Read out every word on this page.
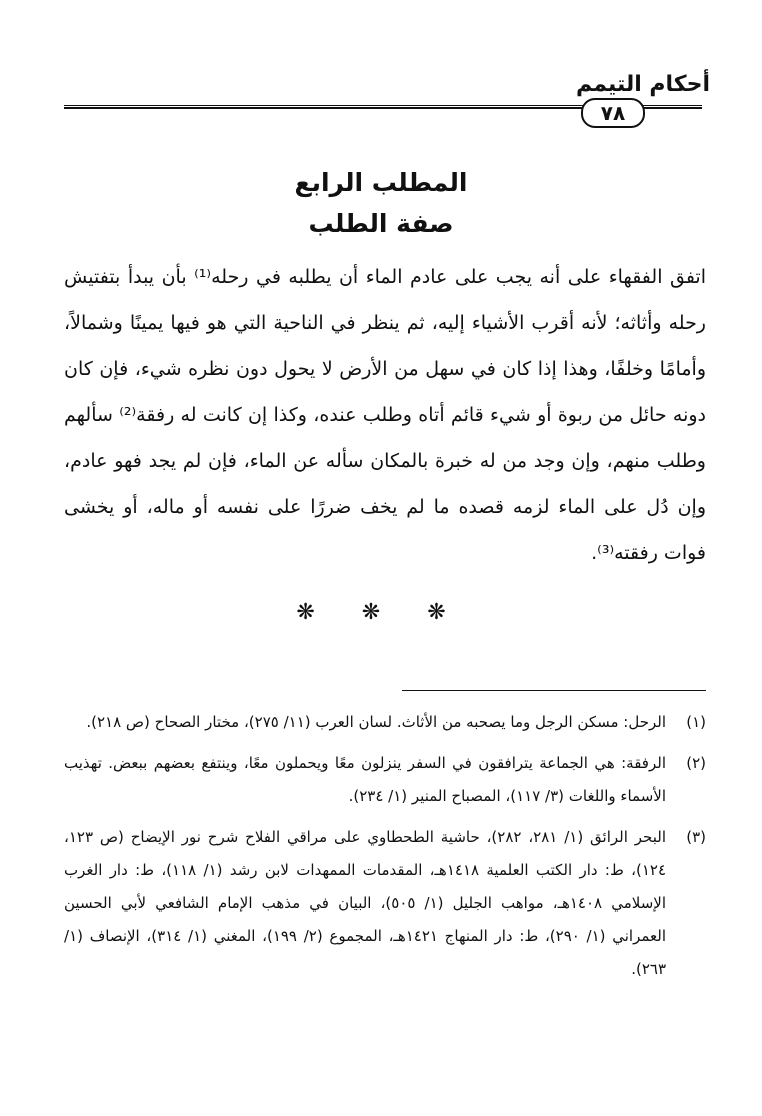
أحكام التيمم
٧٨
المطلب الرابع
صفة الطلب

اتفق الفقهاء على أنه يجب على عادم الماء أن يطلبه في رحله⁽¹⁾ بأن يبدأ بتفتيش رحله وأثاثه؛ لأنه أقرب الأشياء إليه، ثم ينظر في الناحية التي هو فيها يمينًا وشمالاً، وأمامًا وخلفًا، وهذا إذا كان في سهل من الأرض لا يحول دون نظره شيء، فإن كان دونه حائل من ربوة أو شيء قائم أتاه وطلب عنده، وكذا إن كانت له رفقة⁽²⁾ سألهم وطلب منهم، وإن وجد من له خبرة بالمكان سأله عن الماء، فإن لم يجد فهو عادم، وإن دُل على الماء لزمه قصده ما لم يخف ضررًا على نفسه أو ماله، أو يخشى فوات رفقته⁽³⁾.

❋ ❋ ❋
(١)
الرحل: مسكن الرجل وما يصحبه من الأثاث. لسان العرب (١١/ ٢٧٥)، مختار الصحاح (ص ٢١٨).
(٢)
الرفقة: هي الجماعة يترافقون في السفر ينزلون معًا ويحملون معًا، وينتفع بعضهم ببعض. تهذيب الأسماء واللغات (٣/ ١١٧)، المصباح المنير (١/ ٢٣٤).
(٣)
البحر الرائق (١/ ٢٨١، ٢٨٢)، حاشية الطحطاوي على مراقي الفلاح شرح نور الإيضاح (ص ١٢٣، ١٢٤)، ط: دار الكتب العلمية ١٤١٨هـ، المقدمات الممهدات لابن رشد (١/ ١١٨)، ط: دار الغرب الإسلامي ١٤٠٨هـ، مواهب الجليل (١/ ٥٠٥)، البيان في مذهب الإمام الشافعي لأبي الحسين العمراني (١/ ٢٩٠)، ط: دار المنهاج ١٤٢١هـ، المجموع (٢/ ١٩٩)، المغني (١/ ٣١٤)، الإنصاف (١/ ٢٦٣).
